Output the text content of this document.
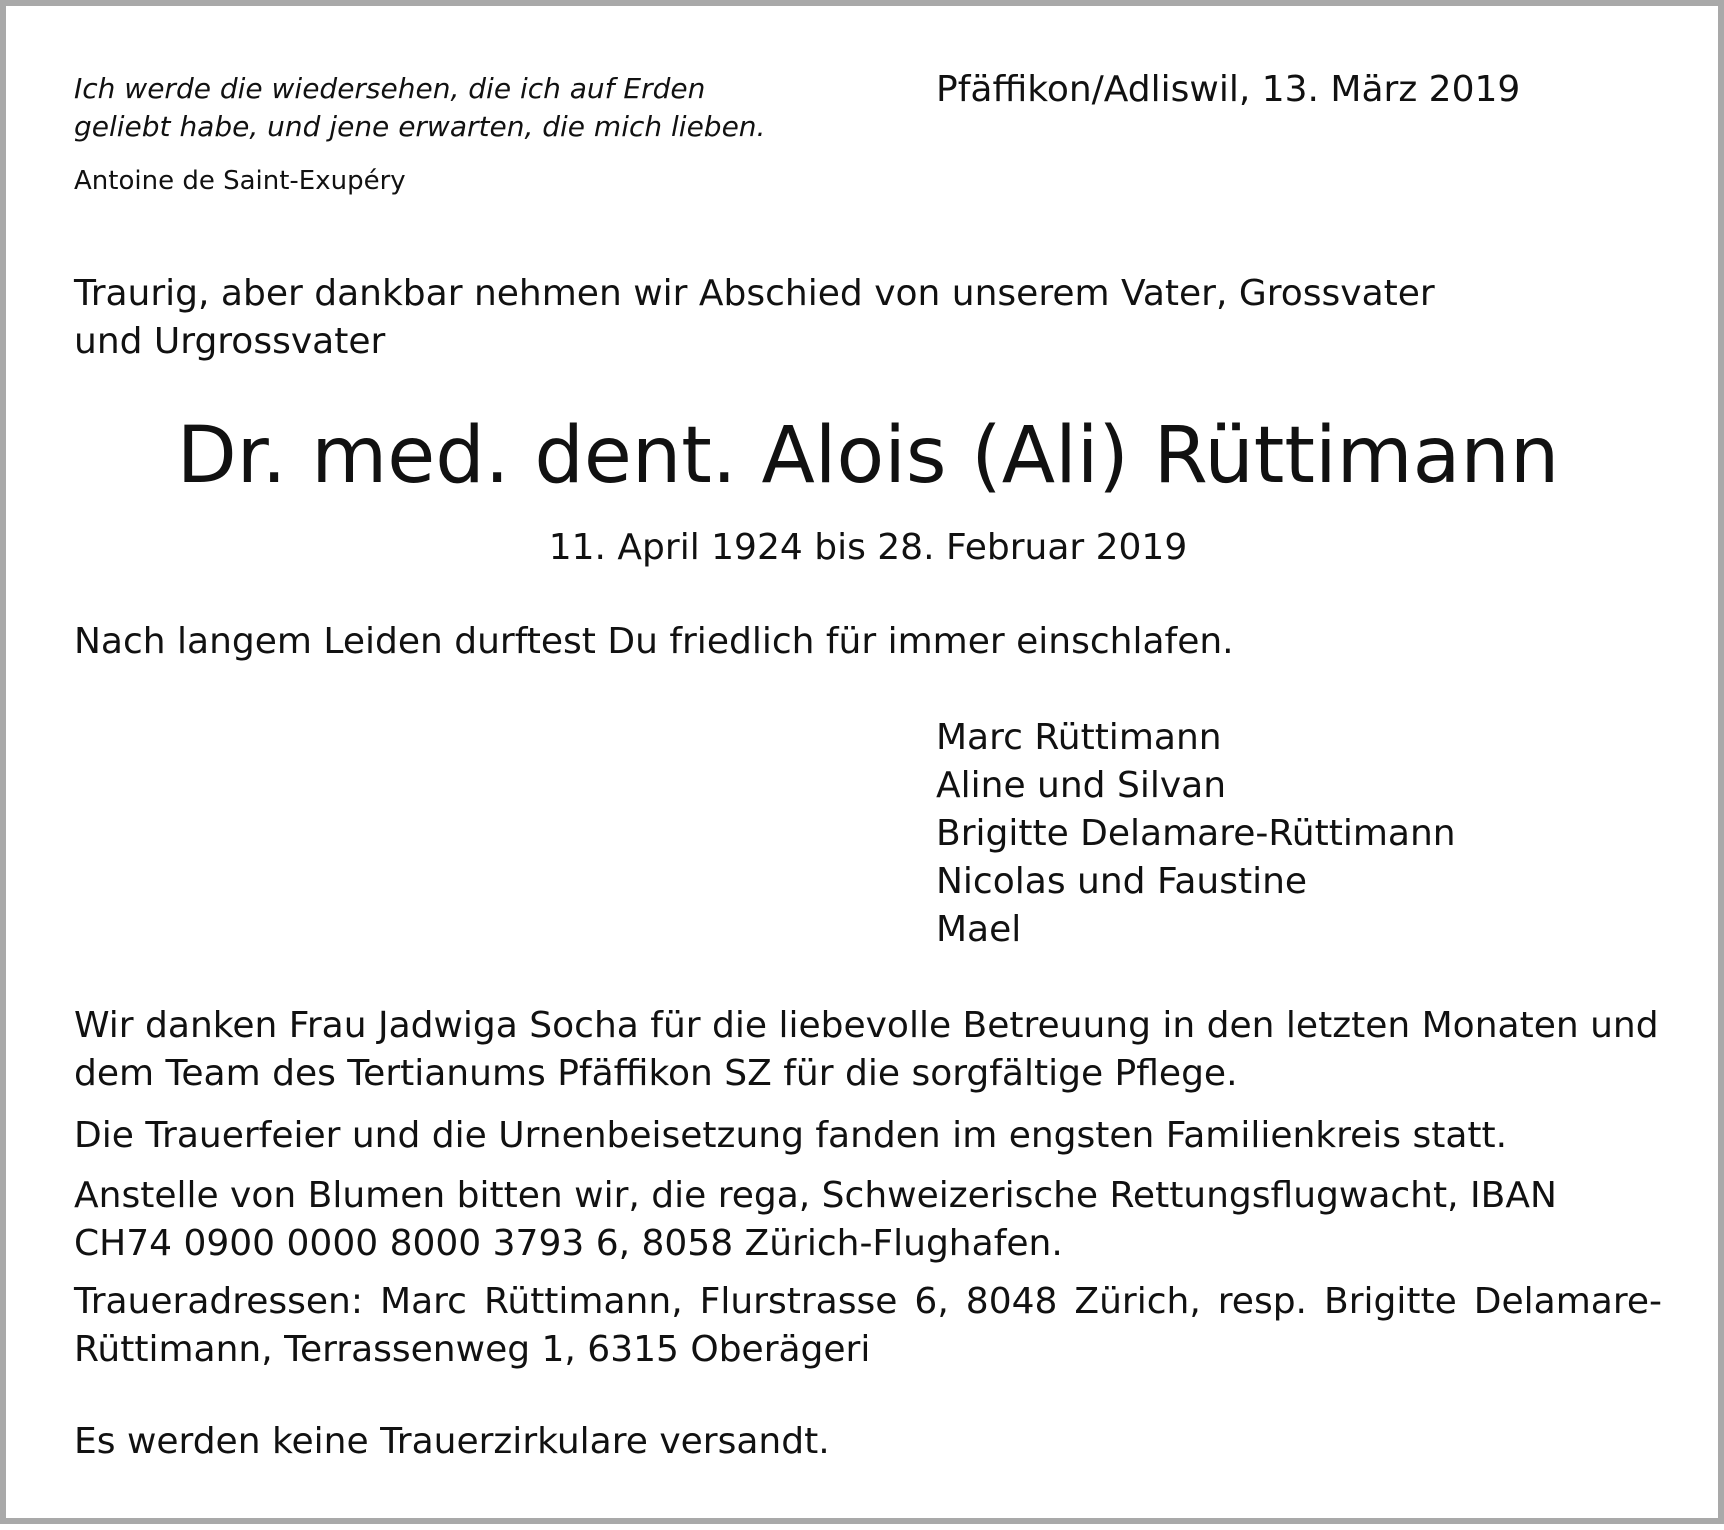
Ich werde die wiedersehen, die ich auf Erden
geliebt habe, und jene erwarten, die mich lieben.
Antoine de Saint-Exupéry
Pfäffikon/Adliswil, 13. März 2019

Traurig, aber dankbar nehmen wir Abschied von unserem Vater, Grossvater und Urgrossvater

Dr. med. dent. Alois (Ali) Rüttimann
11. April 1924 bis 28. Februar 2019
Nach langem Leiden durftest Du friedlich für immer einschlafen.
Marc Rüttimann
Aline und Silvan
Brigitte Delamare-Rüttimann
Nicolas und Faustine
Mael

Wir danken Frau Jadwiga Socha für die liebevolle Betreuung in den letzten Monaten und dem Team des Tertianums Pfäffikon SZ für die sorgfältige Pflege.

Die Trauerfeier und die Urnenbeisetzung fanden im engsten Familienkreis statt.

Anstelle von Blumen bitten wir, die rega, Schweizerische Rettungsflugwacht, IBAN CH74 0900 0000 8000 3793 6, 8058 Zürich-Flughafen.

Traueradressen: Marc Rüttimann, Flurstrasse 6, 8048 Zürich, resp. Brigitte Delamare-Rüttimann, Terrassenweg 1, 6315 Oberägeri

Es werden keine Trauerzirkulare versandt.
